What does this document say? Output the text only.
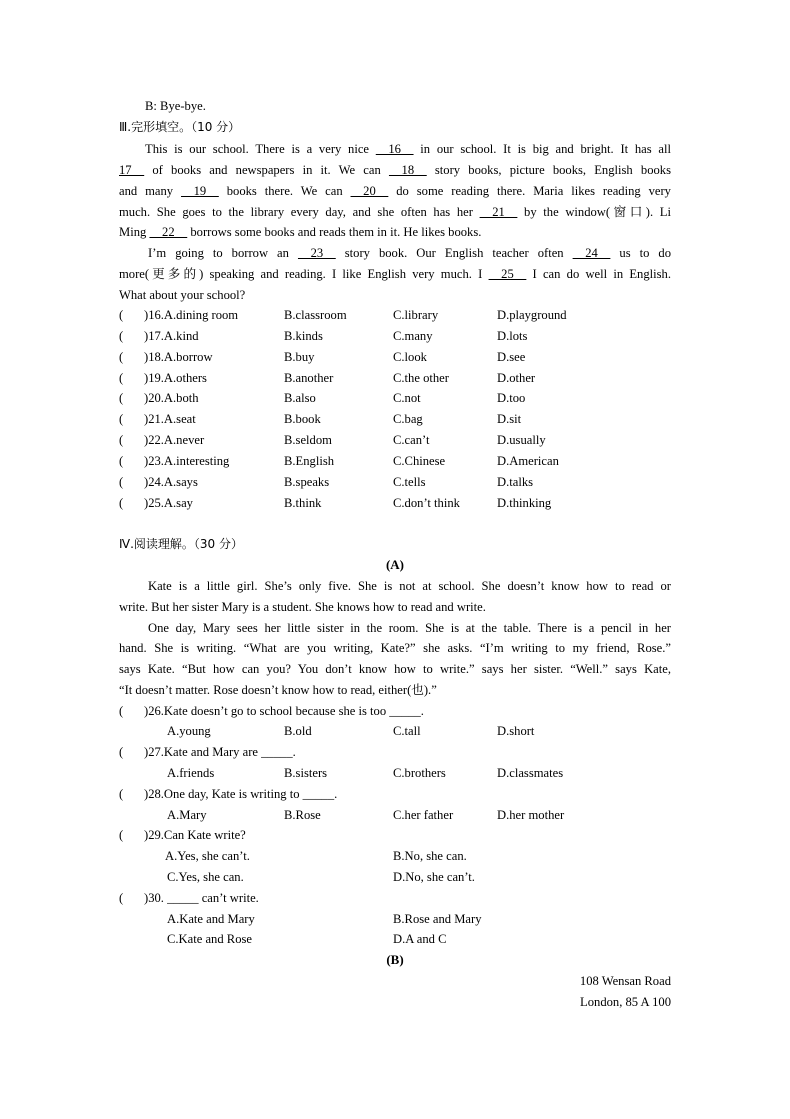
B: Bye-bye.
Ⅲ.完形填空。（10 分）
This is our school. There is a very nice   16   in our school. It is big and bright. It has all
17   of books and newspapers in it. We can   18   story books, picture books, English books
and many   19   books there. We can   20   do some reading there. Maria likes reading very
much. She goes to the library every day, and she often has her   21   by the window(窗口). Li
Ming   22   borrows some books and reads them in it. He likes books.
I’m going to borrow an   23   story book. Our English teacher often   24   us to do
more(更多的) speaking and reading. I like English very much. I   25   I can do well in English.
What about your school?
( )16.A.dining room	B.classroom	C.library	D.playground
( )17.A.kind	B.kinds	C.many	D.lots
( )18.A.borrow	B.buy	C.look	D.see
( )19.A.others	B.another	C.the other	D.other
( )20.A.both	B.also	C.not	D.too
( )21.A.seat	B.book	C.bag	D.sit
( )22.A.never	B.seldom	C.can’t	D.usually
( )23.A.interesting	B.English	C.Chinese	D.American
( )24.A.says	B.speaks	C.tells	D.talks
( )25.A.say	B.think	C.don’t think	D.thinking
Ⅳ.阅读理解。（30 分）
(A)
Kate is a little girl. She’s only five. She is not at school. She doesn’t know how to read or
write. But her sister Mary is a student. She knows how to read and write.
One day, Mary sees her little sister in the room. She is at the table. There is a pencil in her
hand. She is writing. “What are you writing, Kate?” she asks. “I’m writing to my friend, Rose.”
says Kate. “But how can you? You don’t know how to write.” says her sister. “Well.” says Kate,
“It doesn’t matter. Rose doesn’t know how to read, either(也).”
( )26.Kate doesn’t go to school because she is too _____.
A.young	B.old	C.tall	D.short
( )27.Kate and Mary are _____.
A.friends	B.sisters	C.brothers	D.classmates
( )28.One day, Kate is writing to _____.
A.Mary	B.Rose	C.her father	D.her mother
( )29.Can Kate write?
A.Yes, she can’t.	B.No, she can.
C.Yes, she can.	D.No, she can’t.
( )30. _____ can’t write.
A.Kate and Mary	B.Rose and Mary
C.Kate and Rose	D.A and C
(B)
108 Wensan Road
London, 85 A 100
